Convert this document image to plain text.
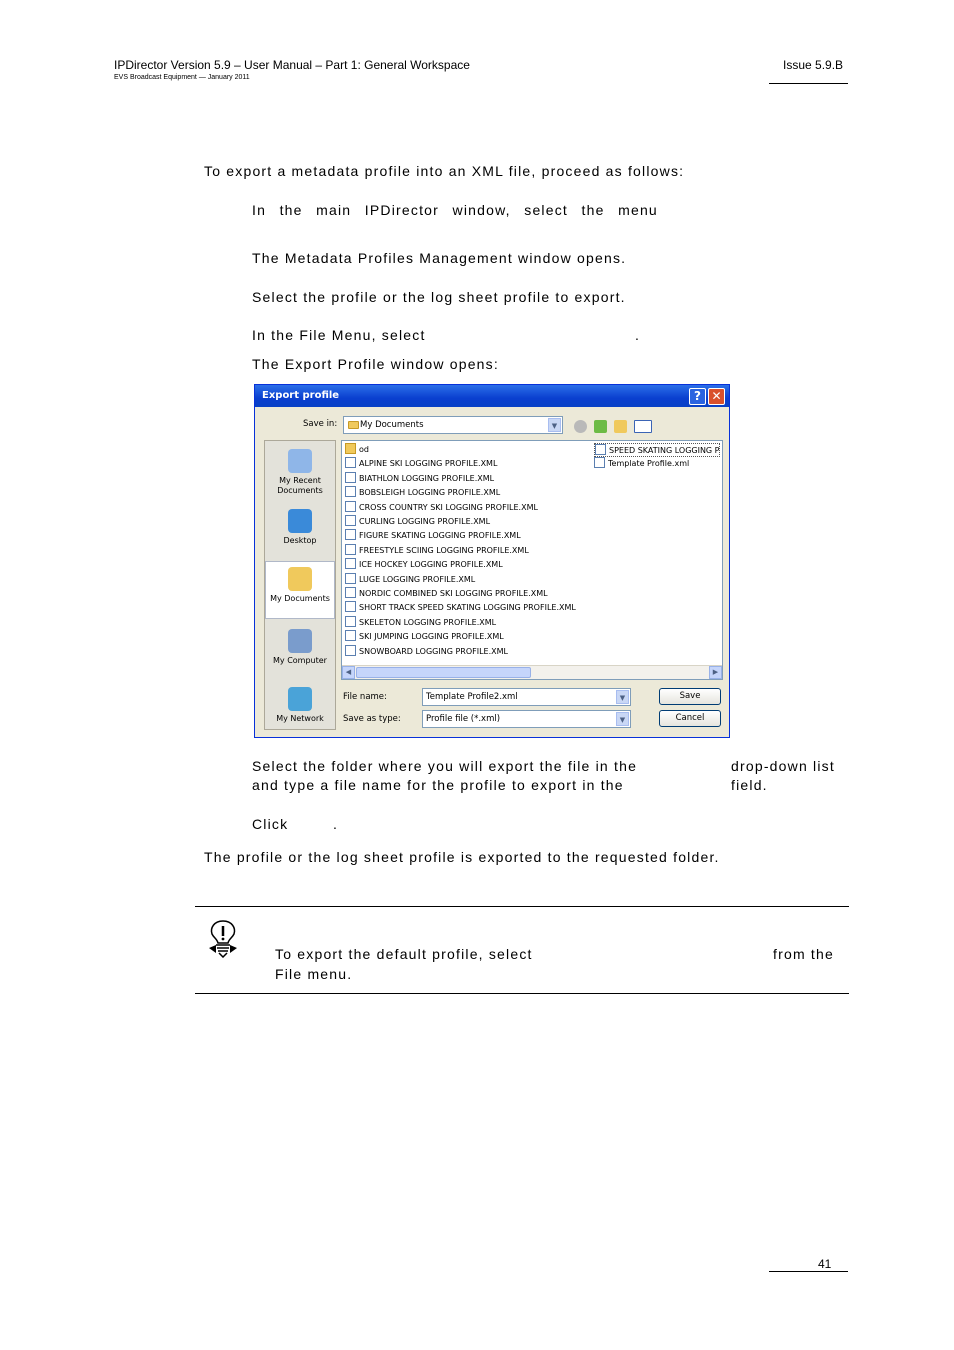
IPDirector Version 5.9 – User Manual – Part 1: General Workspace
EVS Broadcast Equipment — January 2011
Issue 5.9.B
To export a metadata profile into an XML file, proceed as follows:
In the main IPDirector window, select the menu
The Metadata Profiles Management window opens.
Select the profile or the log sheet profile to export.
In the File Menu, select	.
The Export Profile window opens:
Export profile	? ✕
Save in:	My Documents	▼
My Recent
Documents
Desktop
My Documents
My Computer
My Network
od
ALPINE SKI LOGGING PROFILE.XML
BIATHLON LOGGING PROFILE.XML
BOBSLEIGH LOGGING PROFILE.XML
CROSS COUNTRY SKI LOGGING PROFILE.XML
CURLING LOGGING PROFILE.XML
FIGURE SKATING LOGGING PROFILE.XML
FREESTYLE SCIING LOGGING PROFILE.XML
ICE HOCKEY LOGGING PROFILE.XML
LUGE LOGGING PROFILE.XML
NORDIC COMBINED SKI LOGGING PROFILE.XML
SHORT TRACK SPEED SKATING LOGGING PROFILE.XML
SKELETON LOGGING PROFILE.XML
SKI JUMPING LOGGING PROFILE.XML
SNOWBOARD LOGGING PROFILE.XML
SPEED SKATING LOGGING P
Template Profile.xml
◀	▶
File name:	Template Profile2.xml	▼
Save as type:	Profile file (*.xml)	▼
Save
Cancel
Select the folder where you will export the file in the	drop-down list
and type a file name for the profile to export in the	field.
Click	.
The profile or the log sheet profile is exported to the requested folder.
To export the default profile, select	from the
File menu.
41
